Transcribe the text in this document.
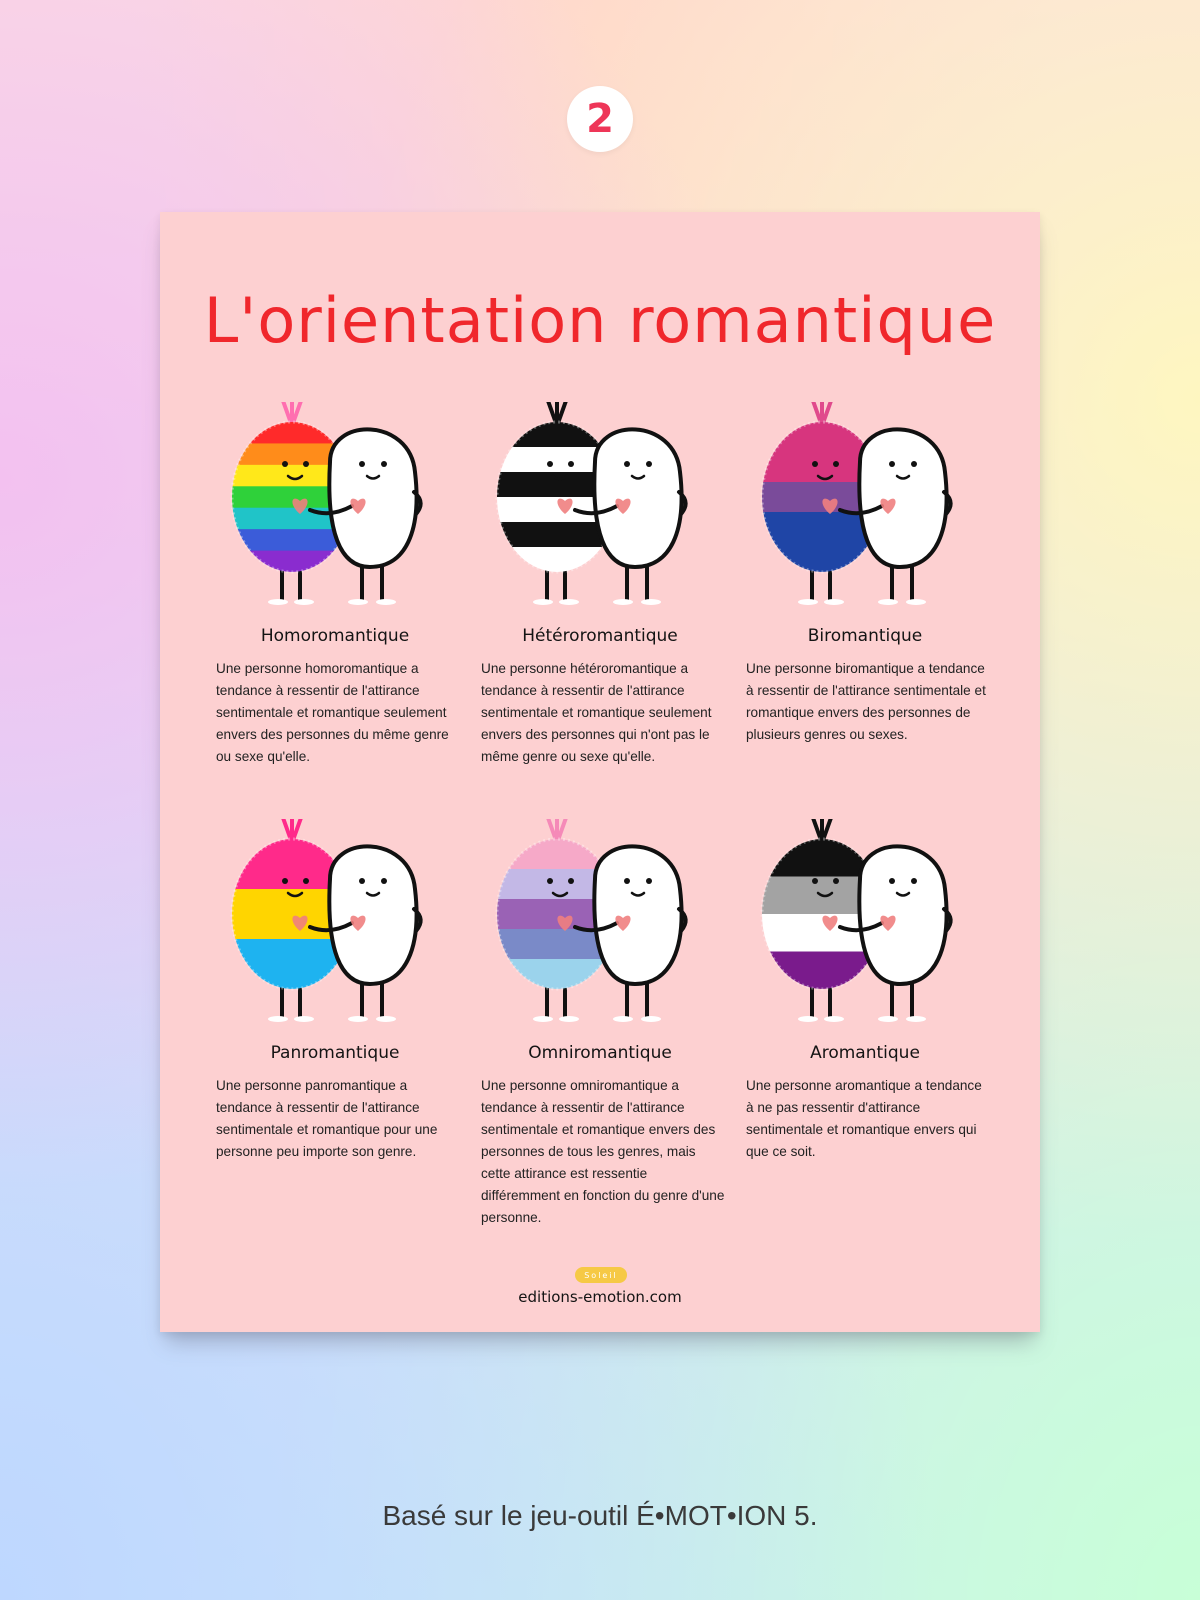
2
L'orientation romantique
Homoromantique
Une personne homoromantique a tendance à ressentir de l'attirance sentimentale et romantique seulement envers des personnes du même genre ou sexe qu'elle.
Hétéroromantique
Une personne hétéroromantique a tendance à ressentir de l'attirance sentimentale et romantique seulement envers des personnes qui n'ont pas le même genre ou sexe qu'elle.
Biromantique
Une personne biromantique a tendance à ressentir de l'attirance sentimentale et romantique envers des personnes de plusieurs genres ou sexes.
Panromantique
Une personne panromantique a tendance à ressentir de l'attirance sentimentale et romantique pour une personne peu importe son genre.
Omniromantique
Une personne omniromantique a tendance à ressentir de l'attirance sentimentale et romantique envers des personnes de tous les genres, mais cette attirance est ressentie différemment en fonction du genre d'une personne.
Aromantique
Une personne aromantique a tendance à ne pas ressentir d'attirance sentimentale et romantique envers qui que ce soit.
Soleil
editions-emotion.com
Basé sur le jeu-outil É•MOT•ION 5.
